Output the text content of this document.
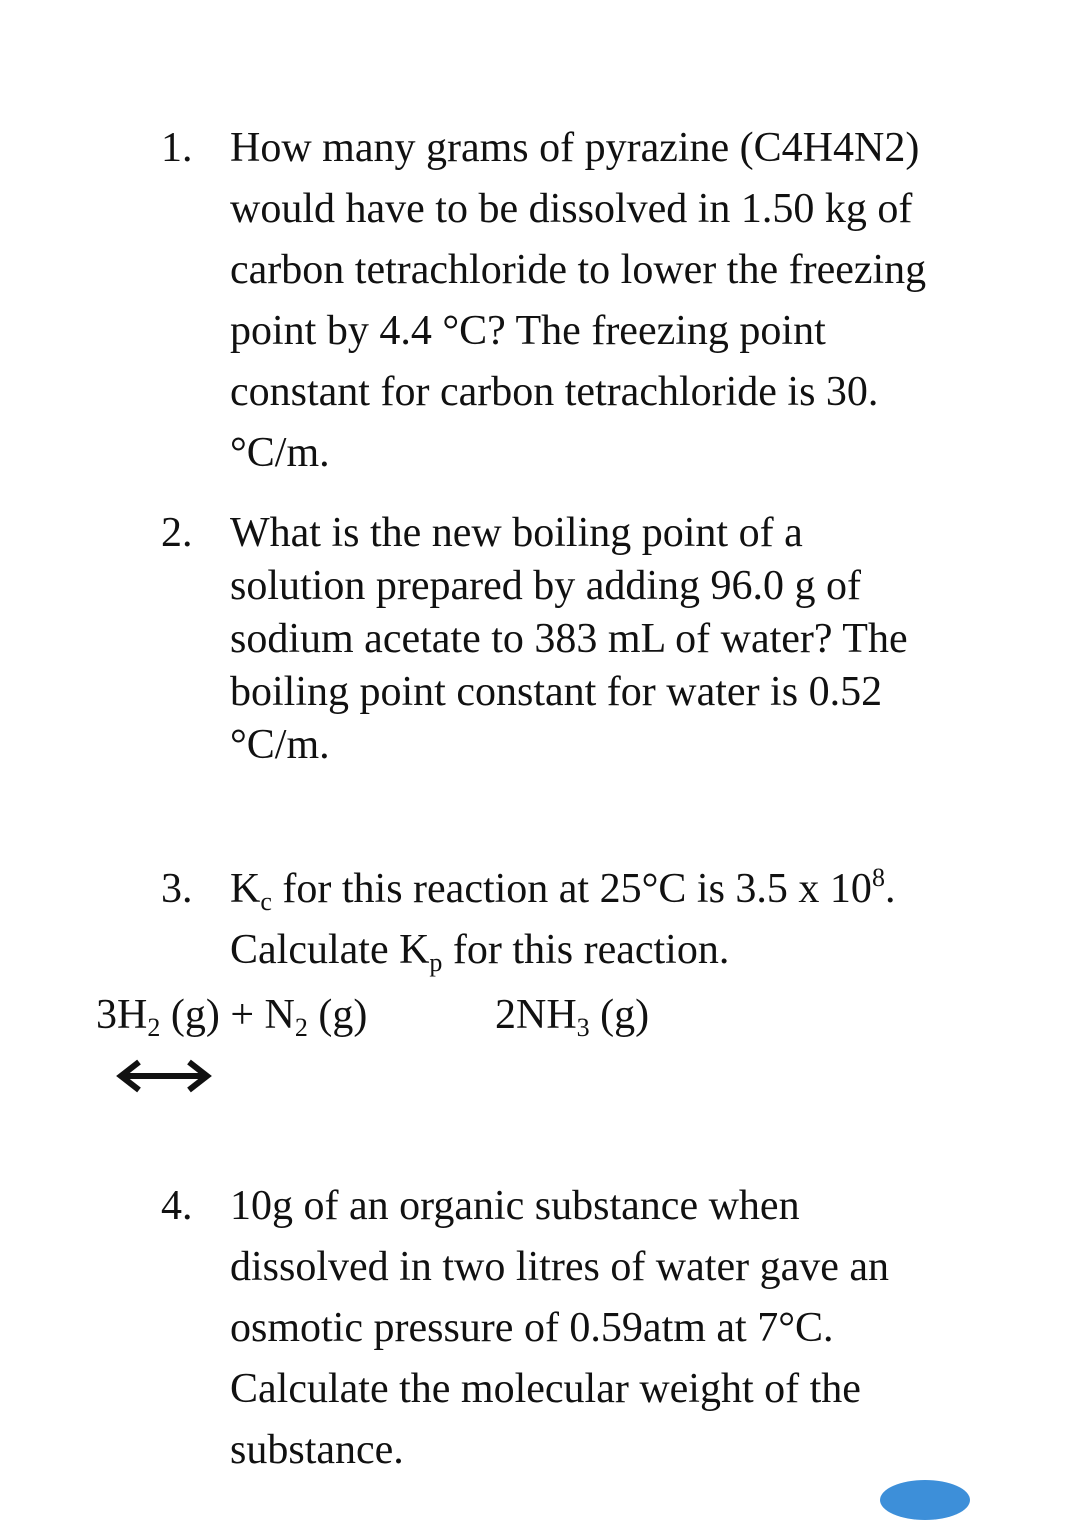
1. How many grams of pyrazine (C4H4N2)
would have to be dissolved in 1.50 kg of
carbon tetrachloride to lower the freezing
point by 4.4 °C? The freezing point
constant for carbon tetrachloride is 30.
°C/m.
2. What is the new boiling point of a
solution prepared by adding 96.0 g of
sodium acetate to 383 mL of water? The
boiling point constant for water is 0.52
°C/m.
3. $K_c$ for this reaction at 25°C is 3.5 x $10^8$.
Calculate $K_p$ for this reaction.
$3H_2$ $(g) + N_2$ (g)	$2NH_3$ (g)
4. 10g of an organic substance when
dissolved in two litres of water gave an
osmotic pressure of 0.59atm at 7°C.
Calculate the molecular weight of the
substance.
